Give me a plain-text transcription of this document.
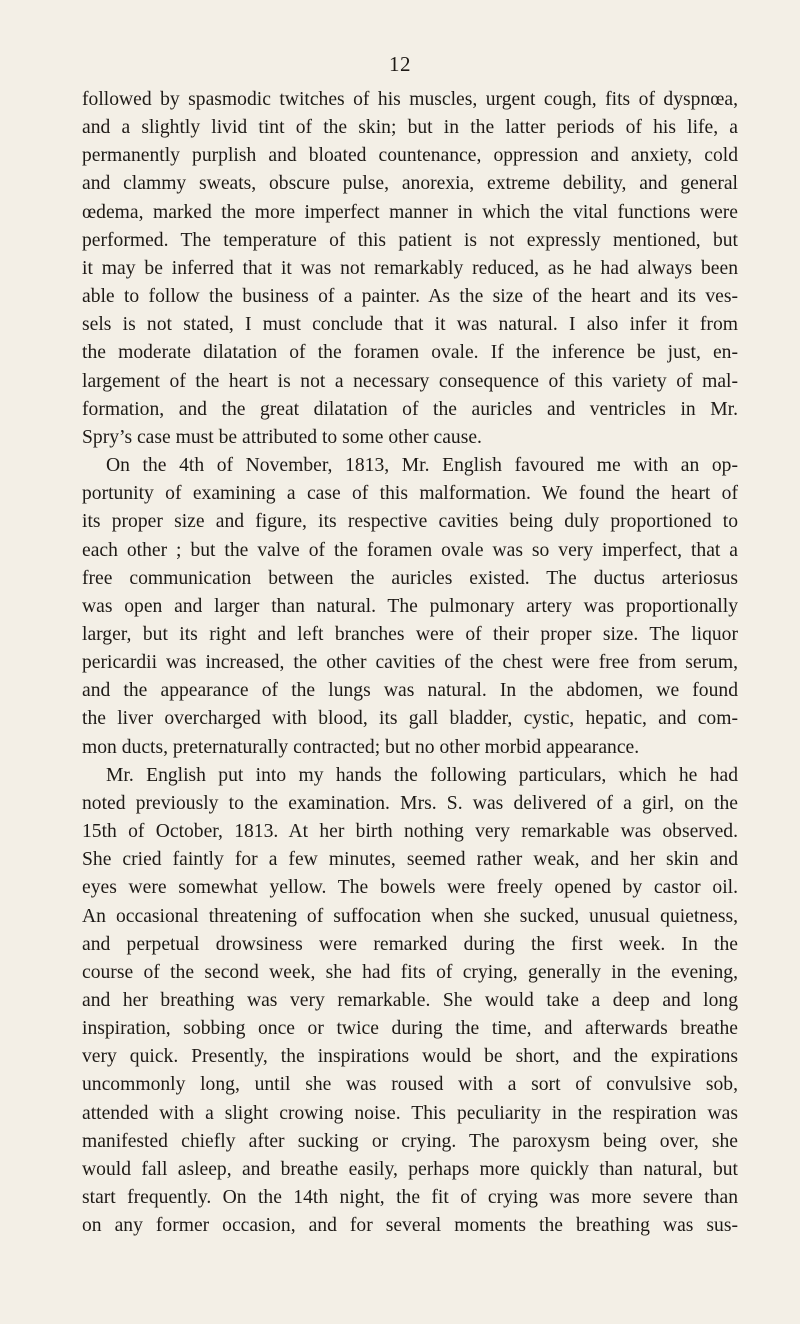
12
followed by spasmodic twitches of his muscles, urgent cough, fits of dyspnœa,
and a slightly livid tint of the skin; but in the latter periods of his life, a
permanently purplish and bloated countenance, oppression and anxiety, cold
and clammy sweats, obscure pulse, anorexia, extreme debility, and general
œdema, marked the more imperfect manner in which the vital functions were
performed. The temperature of this patient is not expressly mentioned, but
it may be inferred that it was not remarkably reduced, as he had always been
able to follow the business of a painter. As the size of the heart and its ves-
sels is not stated, I must conclude that it was natural. I also infer it from
the moderate dilatation of the foramen ovale. If the inference be just, en-
largement of the heart is not a necessary consequence of this variety of mal-
formation, and the great dilatation of the auricles and ventricles in Mr.
Spry’s case must be attributed to some other cause.
On the 4th of November, 1813, Mr. English favoured me with an op-
portunity of examining a case of this malformation. We found the heart of
its proper size and figure, its respective cavities being duly proportioned to
each other ; but the valve of the foramen ovale was so very imperfect, that a
free communication between the auricles existed. The ductus arteriosus
was open and larger than natural. The pulmonary artery was proportionally
larger, but its right and left branches were of their proper size. The liquor
pericardii was increased, the other cavities of the chest were free from serum,
and the appearance of the lungs was natural. In the abdomen, we found
the liver overcharged with blood, its gall bladder, cystic, hepatic, and com-
mon ducts, preternaturally contracted; but no other morbid appearance.
Mr. English put into my hands the following particulars, which he had
noted previously to the examination. Mrs. S. was delivered of a girl, on the
15th of October, 1813. At her birth nothing very remarkable was observed.
She cried faintly for a few minutes, seemed rather weak, and her skin and
eyes were somewhat yellow. The bowels were freely opened by castor oil.
An occasional threatening of suffocation when she sucked, unusual quietness,
and perpetual drowsiness were remarked during the first week. In the
course of the second week, she had fits of crying, generally in the evening,
and her breathing was very remarkable. She would take a deep and long
inspiration, sobbing once or twice during the time, and afterwards breathe
very quick. Presently, the inspirations would be short, and the expirations
uncommonly long, until she was roused with a sort of convulsive sob,
attended with a slight crowing noise. This peculiarity in the respiration was
manifested chiefly after sucking or crying. The paroxysm being over, she
would fall asleep, and breathe easily, perhaps more quickly than natural, but
start frequently. On the 14th night, the fit of crying was more severe than
on any former occasion, and for several moments the breathing was sus-
